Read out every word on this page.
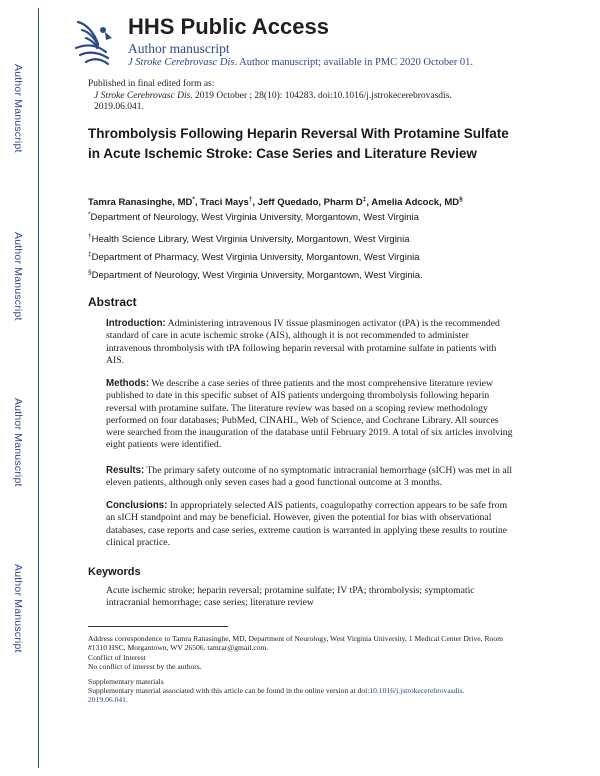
Author Manuscript
Author Manuscript
Author Manuscript
Author Manuscript
HHS Public Access
Author manuscript
J Stroke Cerebrovasc Dis. Author manuscript; available in PMC 2020 October 01.
Published in final edited form as:
J Stroke Cerebrovasc Dis. 2019 October ; 28(10): 104283. doi:10.1016/j.jstrokecerebrovasdis.
2019.06.041.
Thrombolysis Following Heparin Reversal With Protamine Sulfate in Acute Ischemic Stroke: Case Series and Literature Review
Tamra Ranasinghe, MD*, Traci Mays†, Jeff Quedado, Pharm D‡, Amelia Adcock, MD§
*Department of Neurology, West Virginia University, Morgantown, West Virginia
†Health Science Library, West Virginia University, Morgantown, West Virginia
‡Department of Pharmacy, West Virginia University, Morgantown, West Virginia
§Department of Neurology, West Virginia University, Morgantown, West Virginia.
Abstract
Introduction: Administering intravenous IV tissue plasminogen activator (tPA) is the recommended standard of care in acute ischemic stroke (AIS), although it is not recommended to administer intravenous thrombolysis with tPA following heparin reversal with protamine sulfate in patients with AIS.
Methods: We describe a case series of three patients and the most comprehensive literature review published to date in this specific subset of AIS patients undergoing thrombolysis following heparin reversal with protamine sulfate. The literature review was based on a scoping review methodology performed on four databases; PubMed, CINAHL, Web of Science, and Cochrane Library. All sources were searched from the inauguration of the database until February 2019. A total of six articles involving eight patients were identified.
Results: The primary safety outcome of no symptomatic intracranial hemorrhage (sICH) was met in all eleven patients, although only seven cases had a good functional outcome at 3 months.
Conclusions: In appropriately selected AIS patients, coagulopathy correction appears to be safe from an sICH standpoint and may be beneficial. However, given the potential for bias with observational databases, case reports and case series, extreme caution is warranted in applying these results to routine clinical practice.
Keywords
Acute ischemic stroke; heparin reversal; protamine sulfate; IV tPA; thrombolysis; symptomatic intracranial hemorrhage; case series; literature review
Address correspondence to Tamra Ranasinghe, MD, Department of Neurology, West Virginia University, 1 Medical Center Drive, Room #1310 HSC, Morgantown, WV 26506. tamrar@gmail.com.
Conflict of Interest
No conflict of interest by the authors.
Supplementary materials
Supplementary material associated with this article can be found in the online version at doi:10.1016/j.jstrokecerebrovasdis.
2019.06.041.
